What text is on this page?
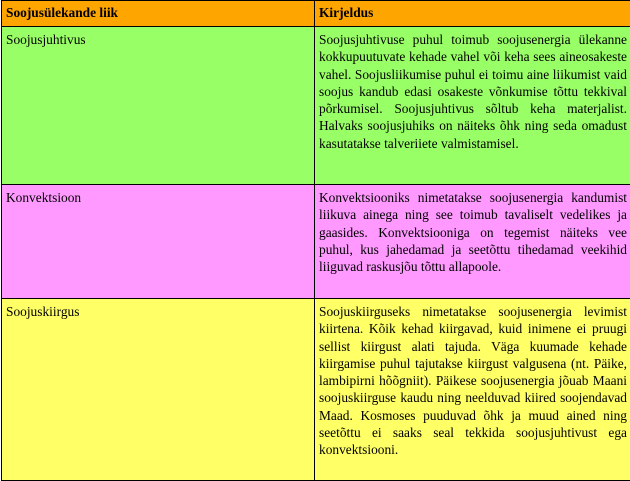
Soojusülekande liik	Kirjeldus
Soojusjuhtivus	Soojusjuhtivuse puhul toimub soojusenergia ülekanne kokkupuutuvate kehade vahel või keha sees aineosakeste vahel. Soojusliikumise puhul ei toimu aine liikumist vaid soojus kandub edasi osakeste võnkumise tõttu tekkival põrkumisel. Soojusjuhtivus sõltub keha materjalist. Halvaks soojusjuhiks on näiteks õhk ning seda omadust kasutatakse talveriiete valmistamisel.
Konvektsioon	Konvektsiooniks nimetatakse soojusenergia kandumist liikuva ainega ning see toimub tavaliselt vedelikes ja gaasides. Konvektsiooniga on tegemist näiteks vee puhul, kus jahedamad ja seetõttu tihedamad veekihid liiguvad raskusjõu tõttu allapoole.
Soojuskiirgus	Soojuskiirguseks nimetatakse soojusenergia levimist kiirtena. Kõik kehad kiirgavad, kuid inimene ei pruugi sellist kiirgust alati tajuda. Väga kuumade kehade kiirgamise puhul tajutakse kiirgust valgusena (nt. Päike, lambipirni hõõgniit). Päikese soojusenergia jõuab Maani soojuskiirguse kaudu ning neelduvad kiired soojendavad Maad. Kosmoses puuduvad õhk ja muud ained ning seetõttu ei saaks seal tekkida soojusjuhtivust ega konvektsiooni.
